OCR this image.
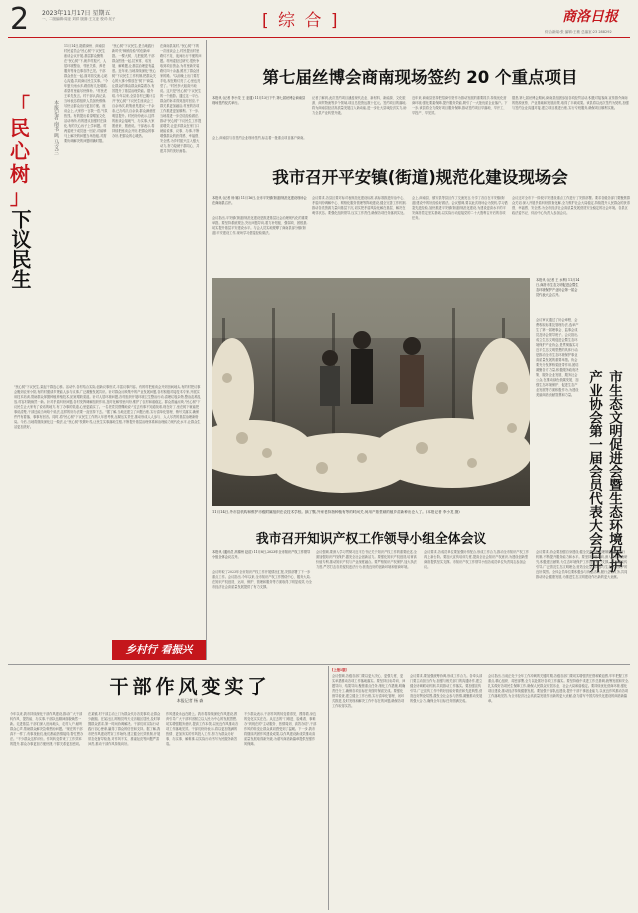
2 2023年11月17日 星期五
一、二版编辑:周亚 刘祥 版面:王文亚 校对:吴子	[ 综 合 ]	商洛日报
综合新闻:张 编辑:王敏 总编室:23 288292
「
民
心
树
」
下议民生
本报记者 南书 鸣 马文兰
11月14日,随着商州、商南县村民委员会"民心树"下议民生座谈会议开展,基层群众聚集在"民心树"下,就乡村振兴、人居环境整治、邻里关系、养老服务等身边事各抒己见。干部群众坐在一起,面对面交流,心贴心沟通,共同商议民生实事。"今年夏天雨水多,路面有几处塌陷,希望村里能尽快修补。"村民老王率先发言。村干部认真记录,当场表态将组织人员加快维修,尽快让群众出行更加方便。座谈会上,大家你一言我一语,气氛热烈。有的提出希望增加文化活动场所,有的建议加强村庄绿化,有的关心孩子上学问题。村两委班子成员逐一回应,对能够马上解决的问题当场拍板,对需要协调解决的问题明确时限。
"民心树"下议民生,是当地践行新时代"枫桥经验"的创新举措。一棵大树、几把板凳,干部群众围坐一起,拉家常、话发展、解难题,让基层治理更有温度。近年来,当地持续深化"民心树"下议民生工作机制,把群众关心的大事小情放在"树下"商量,让群众的事由群众商量着办,有效提升了基层治理效能。据介绍,今年以来,全县各村已累计召开"民心树"下议民生座谈会三百余场次,收集意见建议一千余条,已办结九百余条,群众满意度明显提升。村民纷纷表示,这样的座谈会接地气、办实事,大家愿意来、愿意说。干部表示,将持续把座谈会开好,把群众的事办好,把群众的心暖热。
在商南县某村,"民心树"下的一次座谈会上,村民提出村里路灯不足、夜间出行不便的问题。村两委经过研究,很快争取到项目资金,为村里新安装路灯四十余盏,照亮了群众回家的路。"以前晚上出门要打手电,现在路灯亮了,心里也亮堂了。"村民李大姐高兴地说。这只是"民心树"下议民生的一个缩影。通过这一平台,群众的诉求得到及时回应,干群关系更加融洽,村里的各项工作推进更加顺利。下一步,当地将进一步总结经验做法,推动"民心树"下议民生工作提质增效,让更多群众在家门口就能说事、议事、办事,不断增强群众的获得感、幸福感、安全感,为乡村振兴注入强大动力,努力绘就干群同心、共建共享的美好画卷。
"民心树"下议民生,架起干群连心桥。活动中,各村结合实际,创新议事形式,丰富议事内容。有的村把座谈会开到田间地头,有的村把议事会搬到农家小院,有的村邀请乡贤能人参与议事,广泛凝聚发展共识。针对群众反映集中的产业发展问题,各村积极对接技术专家,开展实用技术培训,帮助群众掌握种植养殖技术,拓宽增收渠道。针对人居环境问题,各村组织开展环境卫生整治行动,清理垃圾杂物,整治乱堆乱放,村容村貌焕然一新。针对矛盾纠纷问题,各村发挥调解组织作用,及时化解邻里纠纷,维护了农村和谐稳定。群众普遍反映,"民心树"下议民生让大家有了说话的地方,有了办事的渠道,心里更踏实了。一名老党员感慨地说:"过去有事不知道找谁,现在好了,坐在树下就能把事说清楚,干部还能当场给个说法,这样的好办法要一直坚持下去。"据了解,当地还建立了问题台账,实行清单化管理、销号式落实,确保件件有着落、事事有回音。同时,将"民心树"下议民生工作纳入年度考核,压紧压实责任,推动形成人人参与、人人尽责的基层治理新格局。今后,当地将继续深化这一做法,让"民心树"枝繁叶茂,让民生实事落地生根,不断提升基层治理体系和治理能力现代化水平,让群众生活更加美好。
第七届丝博会商南现场签约 20 个重点项目
本报讯 (记者 李小龙 王 亚通) 11月13日下午,第七届丝博会商南县现场签约仪式举行。
会上,商南县与各签约企业现场签约,标志着一批重点项目落户商南。
记者了解到,此次签约项目涵盖现代农业、新材料、新能源、文化旅游、商贸物流等多个领域,项目总投资达数十亿元。签约项目的落地,将为商南县经济高质量发展注入新动能,进一步壮大县域经济实力,助力全县产业转型升级。
近年来,商南县坚持把招商引资作为推动发展的重要抓手,持续优化营商环境,强化要素保障,提升服务效能,吸引了一大批优质企业落户。下一步,该县将全力做好项目服务保障,推动签约项目早落地、早开工、早投产、早见效。
据悉,第七届丝博会期间,商南县组团参加各项经贸活动,积极对接客商,宣传推介商南的资源优势、产业基础和发展前景,取得了丰硕成果。该县将以此次签约为契机,加强与签约企业沟通对接,建立项目推进台账,实行专班服务,确保项目顺利实施。
我市召开平安镇(街道)规范化建设现场会
本报讯 (记者 杨 娜) 11月16日,全市平安镇(街道)规范化建设现场会在商南县召开。
会议指出,平安镇(街道)规范化建设是推进基层社会治理现代化的重要举措。要坚持系统观念,突出问题导向,着力补短板、强弱项、固根基,切实提升基层平安建设水平。与会人员实地观摩了商南县部分镇(街道)平安建设工作,现场学习借鉴经验做法。
会议要求,各县区要对标对表规范化建设标准,高标准推进综治中心、矛盾纠纷调解中心、网格化服务管理等阵地建设,健全完善工作机制,推动各类资源力量向基层下沉,切实把矛盾风险化解在基层、解决在萌芽状态。要强化组织领导,压实工作责任,确保各项任务落到实处。
会上,商南县、镇安县等县区作了交流发言,分享了各自在平安镇(街道)建设中的好经验好做法。会议强调,要以此次现场会为契机,学习借鉴先进经验,加快推进平安镇(街道)规范化建设,为建设更高水平的平安商洛奠定坚实基础,以实际行动迎接党的二十大胜利召开后的各项任务。
会议还对全市下一阶段平安建设重点工作进行了安排部署。要求各级各部门要聚焦群众关切,深入开展矛盾纠纷排查化解,全力维护社会大局稳定,持续提升人民群众的获得感、幸福感、安全感,为全市经济社会高质量发展营造安全稳定的社会环境。各县区政法委书记、综治中心负责人参加会议。
11月14日,外市县机构和维护市级附属组织在农技术学校。摘了瓢,外家老持指种植有等的时间关,何用产基堂硕的植乡苗新种出仓入了。(本报记者 李小龙 摄)	市生态文明促进会暨生态环境保护
产业协会第一届会员代表大会召开
本报讯 (记者 王 水利) 11月14日,商洛市生态文明促进会暨生态环境保护产业协会第一届会员代表大会召开。
会议审议通过了协会章程、会费收取标准及管理办法,选举产生了第一届理事会、监事会成员及协会领导班子。会议指出,成立生态文明促进会暨生态环境保护产业协会,是贯彻落实习近平生态文明思想的具体行动,是推动全市生态环境保护事业高质量发展的重要举措。协会要充分发挥桥梁纽带作用,团结凝聚各方力量,积极服务政府决策、服务企业发展、服务社会公众,在推动绿色低碳发展、加强生态环境保护、促进生态产业发展等方面积极作为,为建设美丽商洛贡献智慧和力量。
会议要求,协会要加强自身建设,健全完善内部管理制度,规范运行机制,不断提升服务能力和水平。要坚持问题导向,深入开展调查研究,积极建言献策,为生态环境保护工作提供有力支撑。要加强宣传引导,广泛普及生态文明理念,营造全社会共同参与生态环境保护的良好氛围。全体会员单位要积极参与协会活动,履行会员义务,共同推动协会健康发展,为推进生态文明建设作出新的更大贡献。
我市召开知识产权工作领导小组全体会议
本报讯 (通讯员 高锦州 赵浩) 11月8日,2023年全市知识产权工作领导小组全体会议召开。
会议听取了2023年全市知识产权工作开展情况汇报,安排部署了下一步重点工作。会议指出,今年以来,全市知识产权工作围绕中心、服务大局,在知识产权创造、运用、保护、管理和服务等方面取得了明显成效,为全市经济社会高质量发展提供了有力支撑。
会议强调,要深入学习贯彻习近平总书记关于知识产权工作的重要论述,全面加强知识产权保护,激发全社会创新活力。要强化知识产权创造,培育高价值专利,推动知识产权与产业深度融合。要严格知识产权保护,加大执法力度,严厉打击各类侵权违法行为,营造良好的创新环境和营商环境。
会议要求,各成员单位要加强协作配合,形成工作合力,推动全市知识产权工作再上新台阶。要加大宣传培训力度,提高全社会知识产权意识,为建设创新型商洛提供坚实支撑。市知识产权工作领导小组各成员单位负责同志参加会议。
乡村行 看振兴
干部作风变实了
本报记者 杨 森
今年以来,我市持续深化干部作风建设,推动广大干部转作风、提效能、办实事,干部队伍精神面貌焕然一新。走进基层,干部们深入田间地头、走村入户,倾听群众心声,帮助群众解决急难愁盼问题。"现在的干部真不一样了,有事找他们,他们都能热情接待,帮忙想办法。"不少群众这样评价。作风转变带来了工作效率的提升,群众办事更加方便快捷,干群关系更加密切。
在某镇,村干部主动上门为群众代办各类事项,让群众少跑腿。在某社区,网格员每天走访辖区居民,及时掌握群众需求,第一时间协调解决。干部们用实际行动践行初心使命,赢得了群众的信任和支持。据了解,我市把作风建设贯穿工作始终,建立健全长效机制,开展常态化督导检查,对作风不实、推诿扯皮等问题严肃问责,推动干部作风持续向好。
作风建设永远在路上。我市将持续深化作风建设,教育引导广大干部牢固树立以人民为中心的发展思想,切实增强服务意识,提高工作本领,以优良作风推动各项工作落地见效。干部们纷纷表示,将以更加饱满的热情、更加务实的作风投入工作,努力为群众办好事、办实事、解难事,以实际行动书写为民服务新答卷。
不少群众表示,干部作风的转变看得见、摸得着,身边的变化实实在在。从过去的"门难进、脸难看、事难办"到现在的"主动服务、热情周到、高效办结",干部作风的转变让群众真切感受到了温暖。下一步,我市将继续巩固作风建设成果,以作风建设新成效推动高质量发展取得新突破,为谱写商洛新篇章提供坚强作风保障。
[上接1版]
会议强调,各级各部门要以更大决心、更强力度、更实举措推动各项工作落地落实。要坚持目标导向、问题导向、结果导向,聚焦重点任务,细化工作措施,明确责任分工,确保各项目标任务按时保质完成。要强化督导检查,建立健全工作台账,实行清单化管理、闭环式推进,及时发现和解决工作中存在的问题,确保各项工作取得实效。
会议要求,要加强统筹协调,形成工作合力。各牵头部门要主动担当作为,加强与相关部门的沟通协作,建立健全协调联动机制,共同推动工作落实。要加强宣传引导,广泛宣传工作中的好经验好做法和先进典型,营造良好舆论氛围,激发全社会参与热情,凝聚推动发展的强大合力,确保全年目标任务圆满完成。
会议指出,当前正处于全年工作冲刺的关键时期,各级各部门要切实增强责任感和紧迫感,牢牢把握工作重点,精心组织、周密部署,全力以赴抓好各项工作落实。要坚持稳中求进工作总基调,统筹发展和安全,扎实做好各项民生保障工作,确保人民群众安居乐业、社会大局和谐稳定。要持续优化营商环境,强化项目建设,推动经济持续健康发展。要加强干部队伍建设,提升干部干事创业能力,以优良作风推动各项工作落地见效,为全市经济社会高质量发展作出新的更大贡献,奋力谱写中国式现代化建设的商洛新篇章。
